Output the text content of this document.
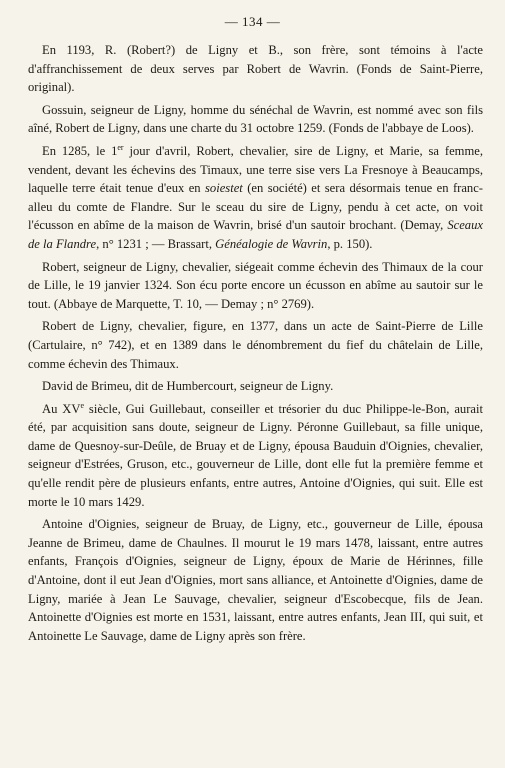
— 134 —

En 1193, R. (Robert?) de Ligny et B., son frère, sont témoins à l'acte d'affranchissement de deux serves par Robert de Wavrin. (Fonds de Saint-Pierre, original).

Gossuin, seigneur de Ligny, homme du sénéchal de Wavrin, est nommé avec son fils aîné, Robert de Ligny, dans une charte du 31 octobre 1259. (Fonds de l'abbaye de Loos).

En 1285, le 1er jour d'avril, Robert, chevalier, sire de Ligny, et Marie, sa femme, vendent, devant les échevins des Timaux, une terre sise vers La Fresnoye à Beaucamps, laquelle terre était tenue d'eux en soiestet (en société) et sera désormais tenue en franc-alleu du comte de Flandre. Sur le sceau du sire de Ligny, pendu à cet acte, on voit l'écusson en abîme de la maison de Wavrin, brisé d'un sautoir brochant. (Demay, Sceaux de la Flandre, n° 1231 ; — Brassart, Généalogie de Wavrin, p. 150).

Robert, seigneur de Ligny, chevalier, siégeait comme échevin des Thimaux de la cour de Lille, le 19 janvier 1324. Son écu porte encore un écusson en abîme au sautoir sur le tout. (Abbaye de Marquette, T. 10, — Demay ; n° 2769).

Robert de Ligny, chevalier, figure, en 1377, dans un acte de Saint-Pierre de Lille (Cartulaire, n° 742), et en 1389 dans le dénombrement du fief du châtelain de Lille, comme échevin des Thimaux.

David de Brimeu, dit de Humbercourt, seigneur de Ligny.

Au XVe siècle, Gui Guillebaut, conseiller et trésorier du duc Philippe-le-Bon, aurait été, par acquisition sans doute, seigneur de Ligny. Péronne Guillebaut, sa fille unique, dame de Quesnoy-sur-Deûle, de Bruay et de Ligny, épousa Bauduin d'Oignies, chevalier, seigneur d'Estrées, Gruson, etc., gouverneur de Lille, dont elle fut la première femme et qu'elle rendit père de plusieurs enfants, entre autres, Antoine d'Oignies, qui suit. Elle est morte le 10 mars 1429.

Antoine d'Oignies, seigneur de Bruay, de Ligny, etc., gouverneur de Lille, épousa Jeanne de Brimeu, dame de Chaulnes. Il mourut le 19 mars 1478, laissant, entre autres enfants, François d'Oignies, seigneur de Ligny, époux de Marie de Hérinnes, fille d'Antoine, dont il eut Jean d'Oignies, mort sans alliance, et Antoinette d'Oignies, dame de Ligny, mariée à Jean Le Sauvage, chevalier, seigneur d'Escobecque, fils de Jean. Antoinette d'Oignies est morte en 1531, laissant, entre autres enfants, Jean III, qui suit, et Antoinette Le Sauvage, dame de Ligny après son frère.
